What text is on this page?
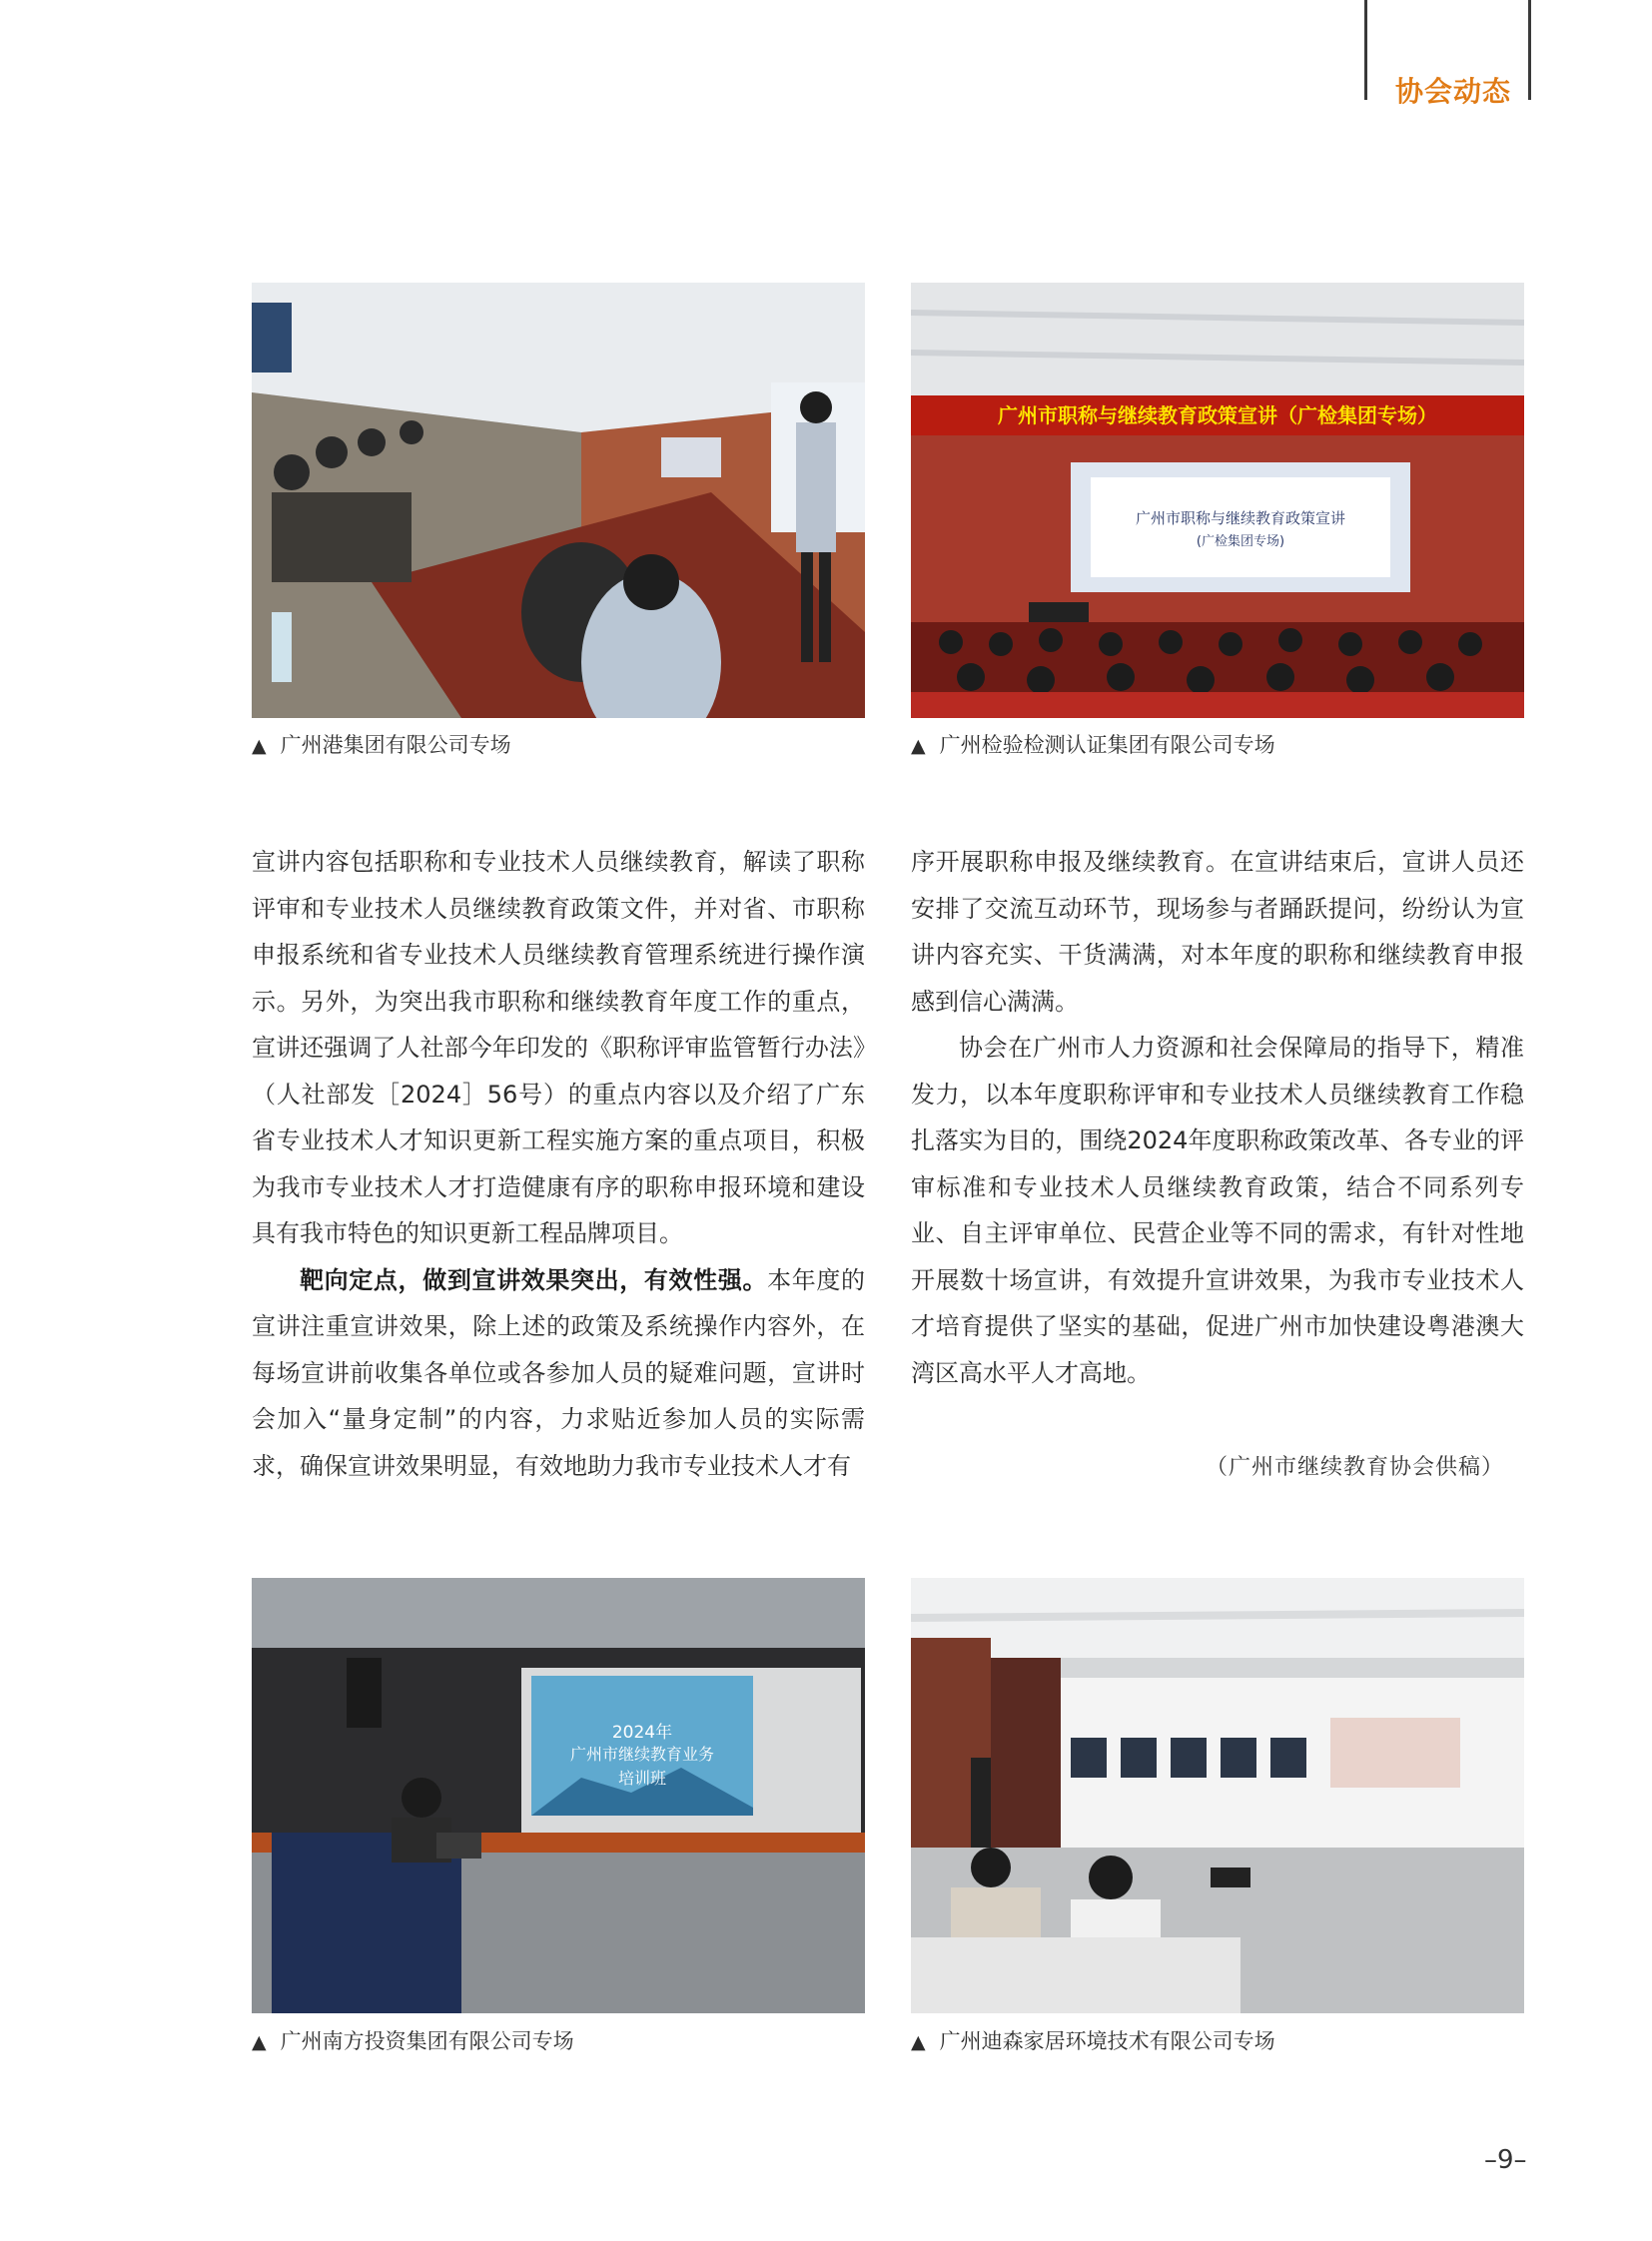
协会动态
▲ 广州港集团有限公司专场
广州市职称与继续教育政策宣讲（广检集团专场）
广州市职称与继续教育政策宣讲
(广检集团专场)
▲ 广州检验检测认证集团有限公司专场

宣讲内容包括职称和专业技术人员继续教育，解读了职称评审和专业技术人员继续教育政策文件，并对省、市职称申报系统和省专业技术人员继续教育管理系统进行操作演示。另外，为突出我市职称和继续教育年度工作的重点，宣讲还强调了人社部今年印发的《职称评审监管暂行办法》（人社部发［2024］56号）的重点内容以及介绍了广东省专业技术人才知识更新工程实施方案的重点项目，积极为我市专业技术人才打造健康有序的职称申报环境和建设具有我市特色的知识更新工程品牌项目。

靶向定点，做到宣讲效果突出，有效性强。本年度的宣讲注重宣讲效果，除上述的政策及系统操作内容外，在每场宣讲前收集各单位或各参加人员的疑难问题，宣讲时会加入“量身定制”的内容，力求贴近参加人员的实际需求，确保宣讲效果明显，有效地助力我市专业技术人才有

序开展职称申报及继续教育。在宣讲结束后，宣讲人员还安排了交流互动环节，现场参与者踊跃提问，纷纷认为宣讲内容充实、干货满满，对本年度的职称和继续教育申报感到信心满满。

协会在广州市人力资源和社会保障局的指导下，精准发力，以本年度职称评审和专业技术人员继续教育工作稳扎落实为目的，围绕2024年度职称政策改革、各专业的评审标准和专业技术人员继续教育政策，结合不同系列专业、自主评审单位、民营企业等不同的需求，有针对性地开展数十场宣讲，有效提升宣讲效果，为我市专业技术人才培育提供了坚实的基础，促进广州市加快建设粤港澳大湾区高水平人才高地。

（广州市继续教育协会供稿）
2024年
广州市继续教育业务
培训班
▲ 广州南方投资集团有限公司专场	▲ 广州迪森家居环境技术有限公司专场
–9–
